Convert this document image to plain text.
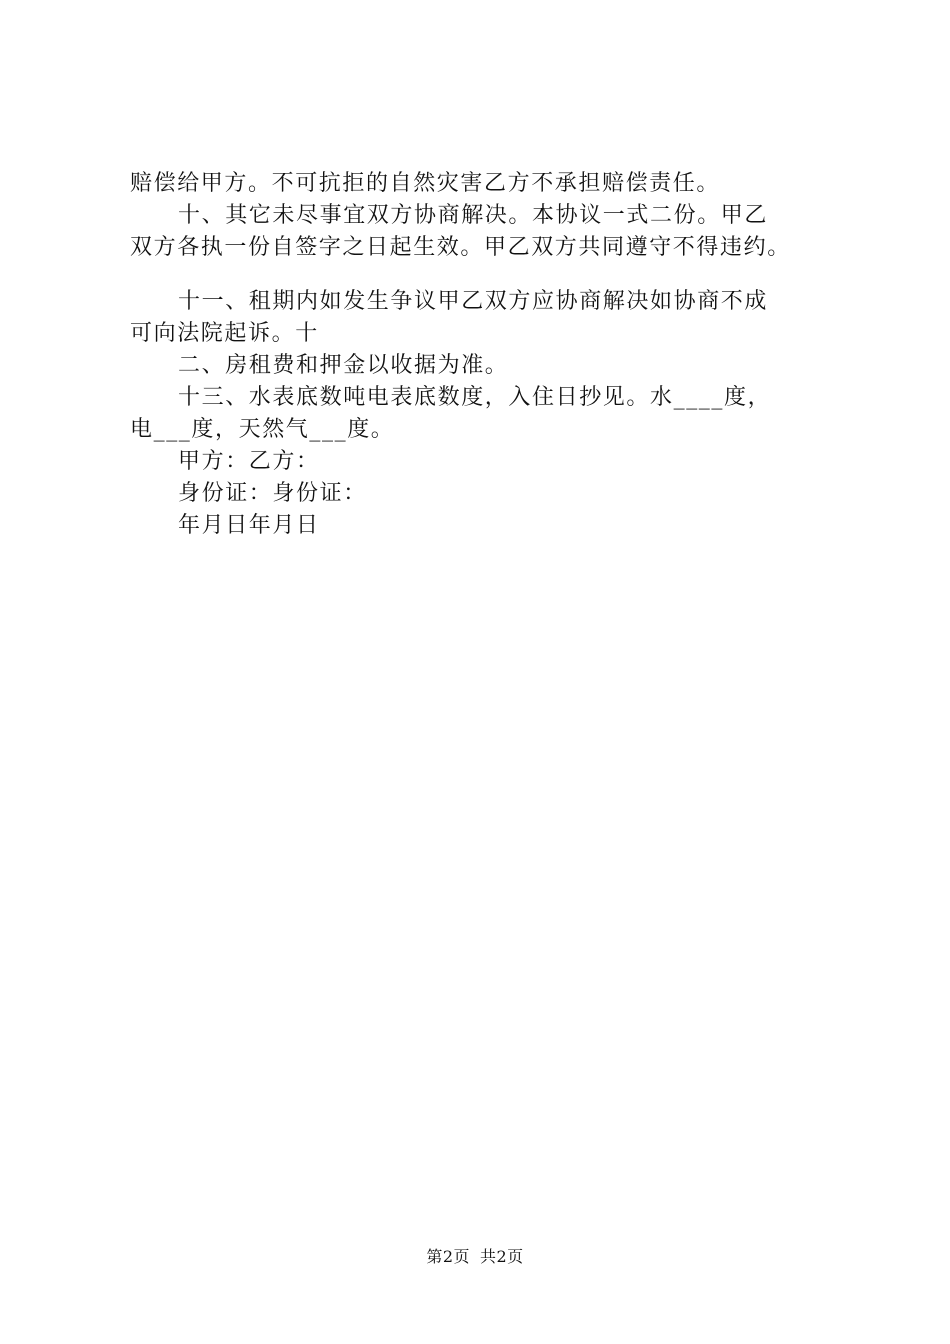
赔偿给甲方。不可抗拒的自然灾害乙方不承担赔偿责任。
十、其它未尽事宜双方协商解决。本协议一式二份。甲乙
双方各执一份自签字之日起生效。甲乙双方共同遵守不得违约。
十一、租期内如发生争议甲乙双方应协商解决如协商不成
可向法院起诉。十
二、房租费和押金以收据为准。
十三、水表底数吨电表底数度，入住日抄见。水____度，
电___度，天然气___度。
甲方：乙方：
身份证：身份证：
年月日年月日
第2页 共2页
